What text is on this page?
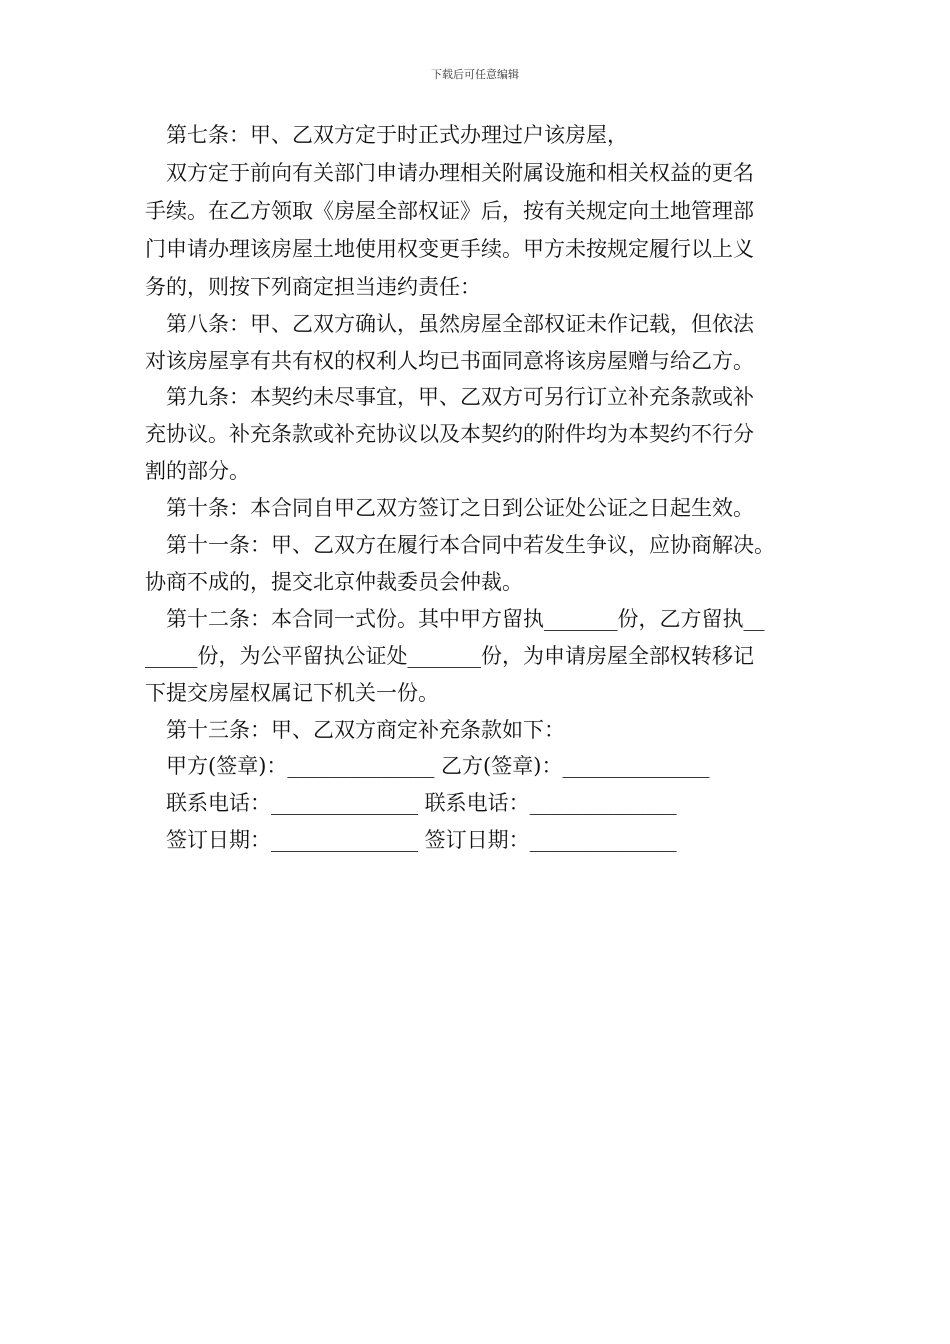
下载后可任意编辑
第七条：甲、乙双方定于时正式办理过户该房屋，
双方定于前向有关部门申请办理相关附属设施和相关权益的更名
手续。在乙方领取《房屋全部权证》后，按有关规定向土地管理部
门申请办理该房屋土地使用权变更手续。甲方未按规定履行以上义
务的，则按下列商定担当违约责任：
第八条：甲、乙双方确认，虽然房屋全部权证未作记载，但依法
对该房屋享有共有权的权利人均已书面同意将该房屋赠与给乙方。
第九条：本契约未尽事宜，甲、乙双方可另行订立补充条款或补
充协议。补充条款或补充协议以及本契约的附件均为本契约不行分
割的部分。
第十条：本合同自甲乙双方签订之日到公证处公证之日起生效。
第十一条：甲、乙双方在履行本合同中若发生争议，应协商解决。
协商不成的，提交北京仲裁委员会仲裁。
第十二条：本合同一式份。其中甲方留执_______份，乙方留执__
_____份，为公平留执公证处_______份，为申请房屋全部权转移记
下提交房屋权属记下机关一份。
第十三条：甲、乙双方商定补充条款如下：
甲方(签章)：______________ 乙方(签章)：______________
联系电话：______________ 联系电话：______________
签订日期：______________ 签订日期：______________
